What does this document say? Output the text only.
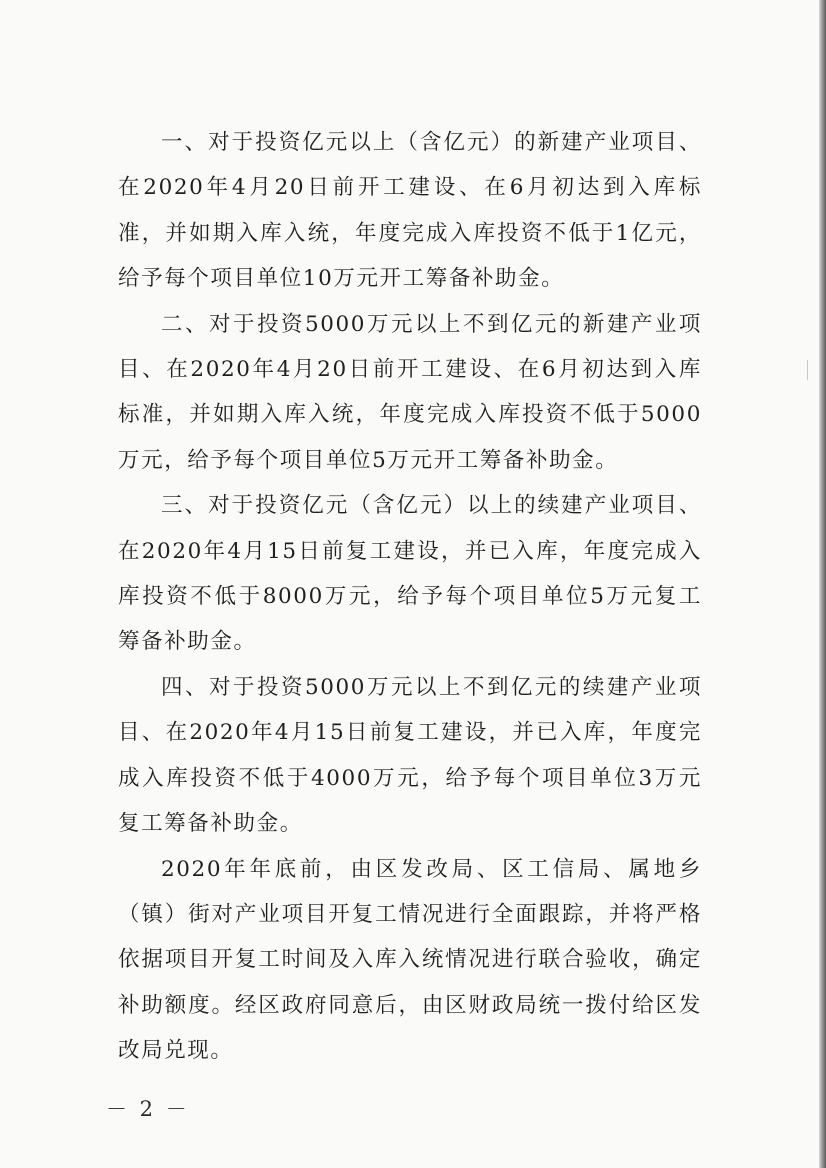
一、对于投资亿元以上（含亿元）的新建产业项目、在2020年4月20日前开工建设、在6月初达到入库标准，并如期入库入统，年度完成入库投资不低于1亿元，给予每个项目单位10万元开工筹备补助金。

二、对于投资5000万元以上不到亿元的新建产业项目、在2020年4月20日前开工建设、在6月初达到入库标准，并如期入库入统，年度完成入库投资不低于5000万元，给予每个项目单位5万元开工筹备补助金。

三、对于投资亿元（含亿元）以上的续建产业项目、在2020年4月15日前复工建设，并已入库，年度完成入库投资不低于8000万元，给予每个项目单位5万元复工筹备补助金。

四、对于投资5000万元以上不到亿元的续建产业项目、在2020年4月15日前复工建设，并已入库，年度完成入库投资不低于4000万元，给予每个项目单位3万元复工筹备补助金。

2020年年底前，由区发改局、区工信局、属地乡（镇）街对产业项目开复工情况进行全面跟踪，并将严格依据项目开复工时间及入库入统情况进行联合验收，确定补助额度。经区政府同意后，由区财政局统一拨付给区发改局兑现。

－ 2 －
